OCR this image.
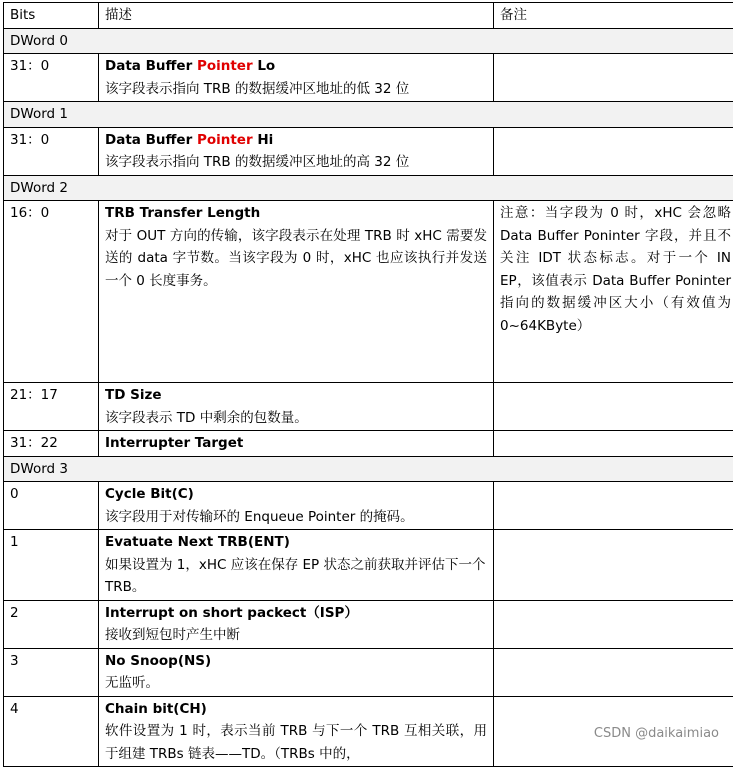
Bits	描述	备注
DWord 0		
31：0	Data Buffer Pointer Lo
该字段表示指向 TRB 的数据缓冲区地址的低 32 位	

DWord 1		
31：0	Data Buffer Pointer Hi
该字段表示指向 TRB 的数据缓冲区地址的高 32 位	

DWord 2		
16：0	TRB Transfer Length
对于 OUT 方向的传输，该字段表示在处理 TRB 时 xHC 需要发送的 data 字节数。当该字段为 0 时，xHC 也应该执行并发送一个 0 长度事务。	注意：当字段为 0 时，xHC 会忽略 Data Buffer Poninter 字段，并且不关注 IDT 状态标志。对于一个 IN EP，该值表示 Data Buffer Poninter 指向的数据缓冲区大小（有效值为 0~64KByte）
21：17	TD Size
该字段表示 TD 中剩余的包数量。	

31：22	Interrupter Target	

DWord 3		
0	Cycle Bit(C)
该字段用于对传输环的 Enqueue Pointer 的掩码。	

1	Evatuate Next TRB(ENT)
如果设置为 1，xHC 应该在保存 EP 状态之前获取并评估下一个 TRB。	

2	Interrupt on short packect（ISP）
接收到短包时产生中断	

3	No Snoop(NS)
无监听。	

4	Chain bit(CH)
软件设置为 1 时，表示当前 TRB 与下一个 TRB 互相关联，用于组建 TRBs 链表——TD。（TRBs 中的，	

CSDN @daikaimiao
